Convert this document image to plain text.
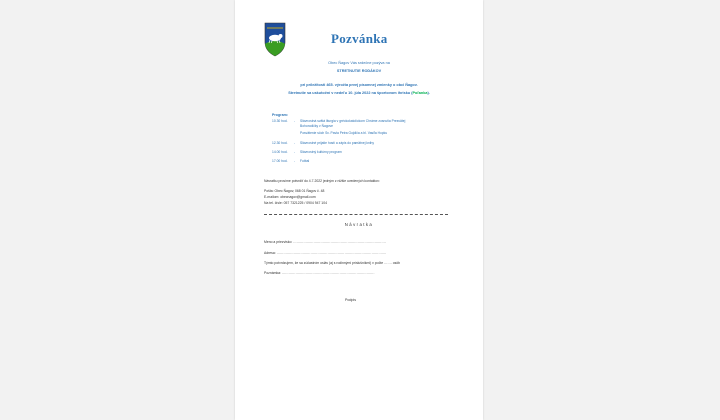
Pozvánka

Obec Ňagov Vás srdečne pozýva na

STRETNUTIE RODÁKOV

pri príležitosti 465. výročia prvej písomnej zmienky o obci Ňagov.

Stretnutie sa uskutoční v nedeľu 10. júla 2022 na športovom ihrisku (Poľanka).

Program:
10.30 hod. - Slávnostná svätá liturgia v gréckokatolíckom Chráme zosnutia Presvätej
Bohorodičky v Ňagove
Posvätenie sôch Sv. Pavla Petra Gojdiča a bl. Vasiľa Hopku
12.30 hod. - Slávnostné prijatie hostí a zápis do pamätnej knihy
14.00 hod. - Slávnostný kultúrny program
17.00 hod. - Futbal
Návratku prosíme potvrdiť do 4.7.2022 jedným z nižšie uvedených kontaktov:
Pošta: Obec Ňagov, 068 01 Ňagov č. 48
E-mailom: obecnagov@gmail.com
Na tel. čísle: 057 7321225 / 0904 947 104
Návratka
Meno a priezvisko: ……………………………………………………………………….
Adresa: …………………………………………………………………………………….
Týmto potvrdzujem, že sa zúčastním osláv (aj s rodinnými príslušníkmi) v počte ……. osôb
Poznámka: ……………………………………………………………………….
Podpis
